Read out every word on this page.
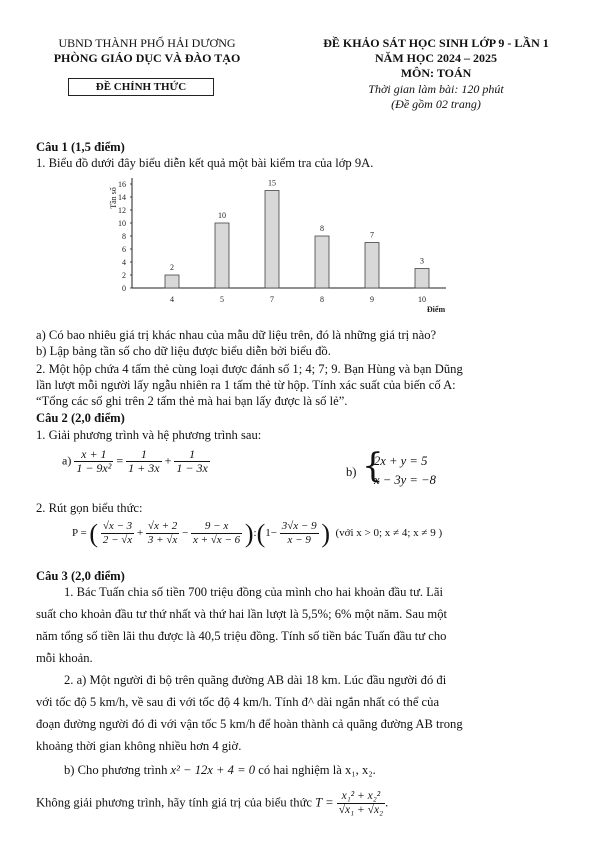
UBND THÀNH PHỐ HẢI DƯƠNG
PHÒNG GIÁO DỤC VÀ ĐÀO TẠO
ĐỀ CHÍNH THỨC
ĐỀ KHẢO SÁT HỌC SINH LỚP 9 - LẦN 1
NĂM HỌC 2024 – 2025
MÔN: TOÁN
Thời gian làm bài: 120 phút
(Đề gồm 02 trang)
Câu 1 (1,5 điểm)
1. Biểu đồ dưới đây biểu diễn kết quả một bài kiểm tra của lớp 9A.
0
2
4
6
8
10
12
14
16
Tần số
2
4
10
5
15
7
8
8
7
9
3
10
Điểm
a) Có bao nhiêu giá trị khác nhau của mẫu dữ liệu trên, đó là những giá trị nào?
b) Lập bảng tần số cho dữ liệu được biểu diễn bởi biểu đồ.
2. Một hộp chứa 4 tấm thẻ cùng loại được đánh số 1; 4; 7; 9. Bạn Hùng và bạn Dũng
lần lượt mỗi người lấy ngẫu nhiên ra 1 tấm thẻ từ hộp. Tính xác suất của biến cố A:
“Tổng các số ghi trên 2 tấm thẻ mà hai bạn lấy được là số lẻ”.
Câu 2 (2,0 điểm)
1. Giải phương trình và hệ phương trình sau:
$a) \frac{x + 1}{\text{1 − 9x²}} = \frac{1}{1 + 3x} + \frac{1}{1 - 3x}$	b) {
2x + y = 5
x − 3y = −8
2. Rút gọn biểu thức:
P = ( $\frac{√x - 3}{2 - √x} + \frac{√x + 2}{3 + √x} - \frac{9 - x}{x + √x - 6}$ ):(1− $\frac{3√x - 9}{x - 9}$ ) (với x > 0; x ≠ 4; x ≠ 9 )
Câu 3 (2,0 điểm)
1. Bác Tuấn chia số tiền 700 triệu đồng của mình cho hai khoản đầu tư. Lãi
suất cho khoản đầu tư thứ nhất và thứ hai lần lượt là 5,5%; 6% một năm. Sau một
năm tổng số tiền lãi thu được là 40,5 triệu đồng. Tính số tiền bác Tuấn đầu tư cho
mỗi khoản.
2. a) Một người đi bộ trên quãng đường AB dài 18 km. Lúc đầu người đó đi
với tốc độ 5 km/h, về sau đi với tốc độ 4 km/h. Tính đ^ dài ngắn nhất có thể của
đoạn đường người đó đi với vận tốc 5 km/h để hoàn thành cả quãng đường AB trong
khoảng thời gian không nhiều hơn 4 giờ.
b) Cho phương trình x² − 12x + 4 = 0 có hai nghiệm là x₁, x₂.
Không giải phương trình, hãy tính giá trị của biểu thức $T = \frac{\text{x₁² + x₂²}}{\text{√x₁ + √x₂}}$ .
